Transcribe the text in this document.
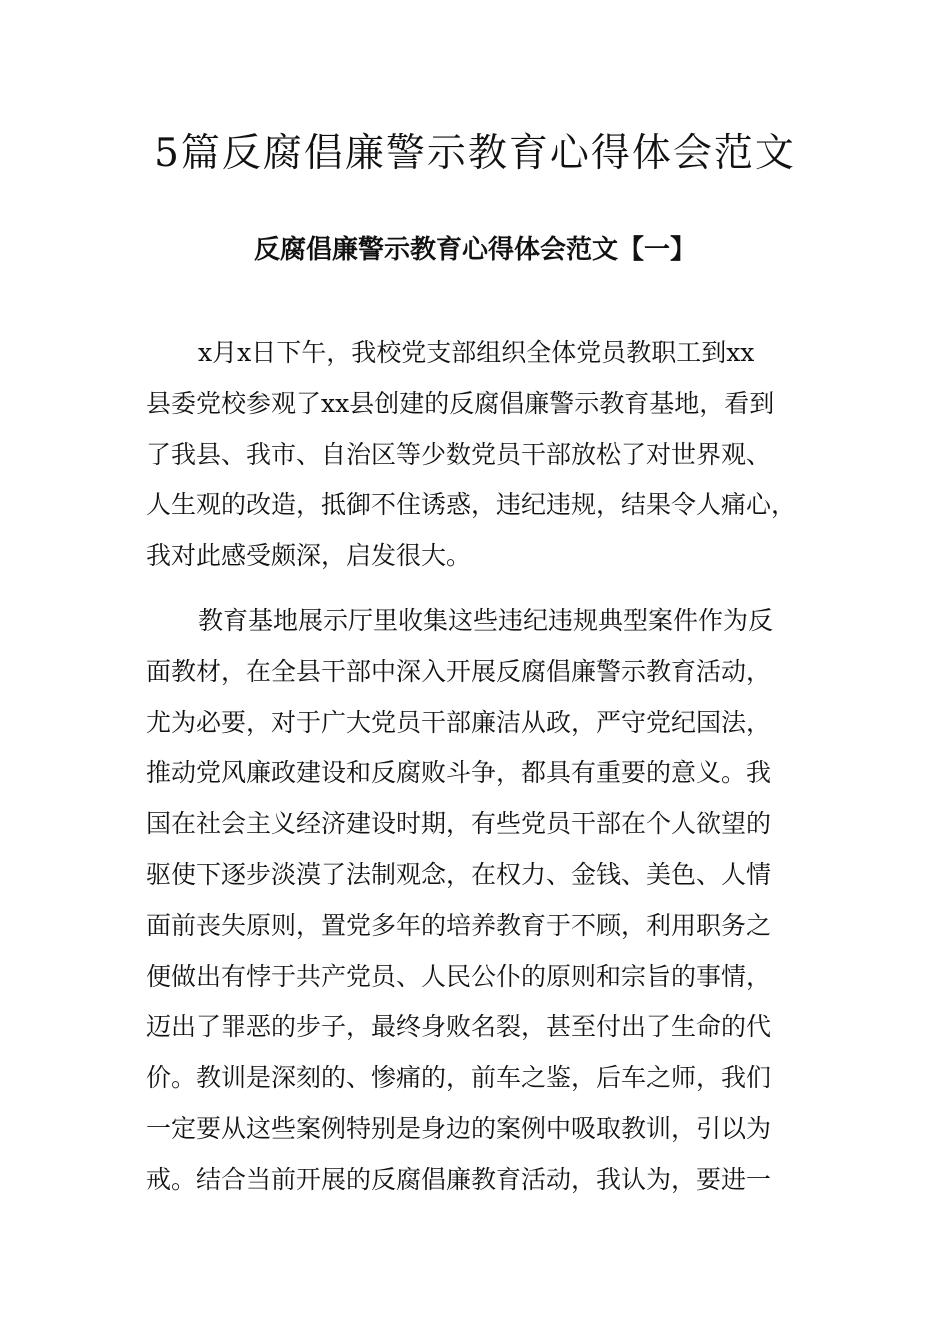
5篇反腐倡廉警示教育心得体会范文
反腐倡廉警示教育心得体会范文【一】

x月x日下午，我校党支部组织全体党员教职工到xx
县委党校参观了xx县创建的反腐倡廉警示教育基地，看到
了我县、我市、自治区等少数党员干部放松了对世界观、
人生观的改造，抵御不住诱惑，违纪违规，结果令人痛心，
我对此感受颇深，启发很大。

教育基地展示厅里收集这些违纪违规典型案件作为反
面教材，在全县干部中深入开展反腐倡廉警示教育活动，
尤为必要，对于广大党员干部廉洁从政，严守党纪国法，
推动党风廉政建设和反腐败斗争，都具有重要的意义。我
国在社会主义经济建设时期，有些党员干部在个人欲望的
驱使下逐步淡漠了法制观念，在权力、金钱、美色、人情
面前丧失原则，置党多年的培养教育于不顾，利用职务之
便做出有悖于共产党员、人民公仆的原则和宗旨的事情，
迈出了罪恶的步子，最终身败名裂，甚至付出了生命的代
价。教训是深刻的、惨痛的，前车之鉴，后车之师，我们
一定要从这些案例特别是身边的案例中吸取教训，引以为
戒。结合当前开展的反腐倡廉教育活动，我认为，要进一
